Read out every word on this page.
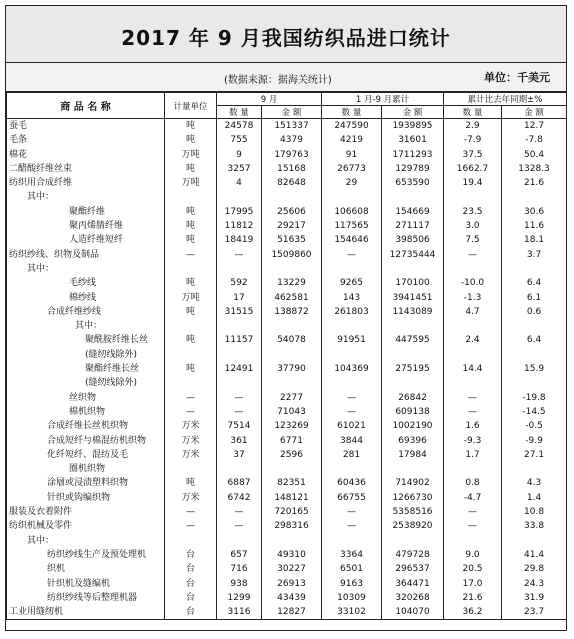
2017 年 9 月我国纺织品进口统计
(数据来源：据海关统计)	单位：千美元
商 品 名 称	计量单位	9 月		1 月-9 月累计		累计比去年同期±%	
		数 量	金 额	数 量	金 额	数 量	金 额
蚕毛	吨	24578	151337	247590	1939895	2.9	12.7
毛条	吨	755	4379	4219	31601	-7.9	-7.8
棉花	万吨	9	179763	91	1711293	37.5	50.4
二醋酸纤维丝束	吨	3257	15168	26773	129789	1662.7	1328.3
纺织用合成纤维	万吨	4	82648	29	653590	19.4	21.6
其中：							
聚酯纤维	吨	17995	25606	106608	154669	23.5	30.6
聚丙烯腈纤维	吨	11812	29217	117565	271117	3.0	11.6
人造纤维短纤	吨	18419	51635	154646	398506	7.5	18.1
纺织纱线、织物及制品	—	—	1509860	—	12735444	—	3.7
其中：							
毛纱线	吨	592	13229	9265	170100	-10.0	6.4
棉纱线	万吨	17	462581	143	3941451	-1.3	6.1
合成纤维纱线	吨	31515	138872	261803	1143089	4.7	0.6
其中：							
聚酰胺纤维长丝	吨	11157	54078	91951	447595	2.4	6.4
(缝纫线除外)							
聚酯纤维长丝	吨	12491	37790	104369	275195	14.4	15.9
(缝纫线除外)							
丝织物	—	—	2277	—	26842	—	-19.8
棉机织物	—	—	71043	—	609138	—	-14.5
合成纤维长丝机织物	万米	7514	123269	61021	1002190	1.6	-0.5
合成短纤与棉混纺机织物	万米	361	6771	3844	69396	-9.3	-9.9
化纤短纤、混纺及毛	万米	37	2596	281	17984	1.7	27.1
圈机织物							
涂層或浸渍塑料织物	吨	6887	82351	60436	714902	0.8	4.3
针织或钩编织物	万米	6742	148121	66755	1266730	-4.7	1.4
服装及衣着附件	—	—	720165	—	5358516	—	10.8
纺织机械及零件	—	—	298316	—	2538920	—	33.8
其中：							
纺织纱线生产及预处理机	台	657	49310	3364	479728	9.0	41.4
织机	台	716	30227	6501	296537	20.5	29.8
针织机及缝编机	台	938	26913	9163	364471	17.0	24.3
纺织纱线等后整理机器	台	1299	43439	10309	320268	21.6	31.9
工业用缝纫机	台	3116	12827	33102	104070	36.2	23.7
